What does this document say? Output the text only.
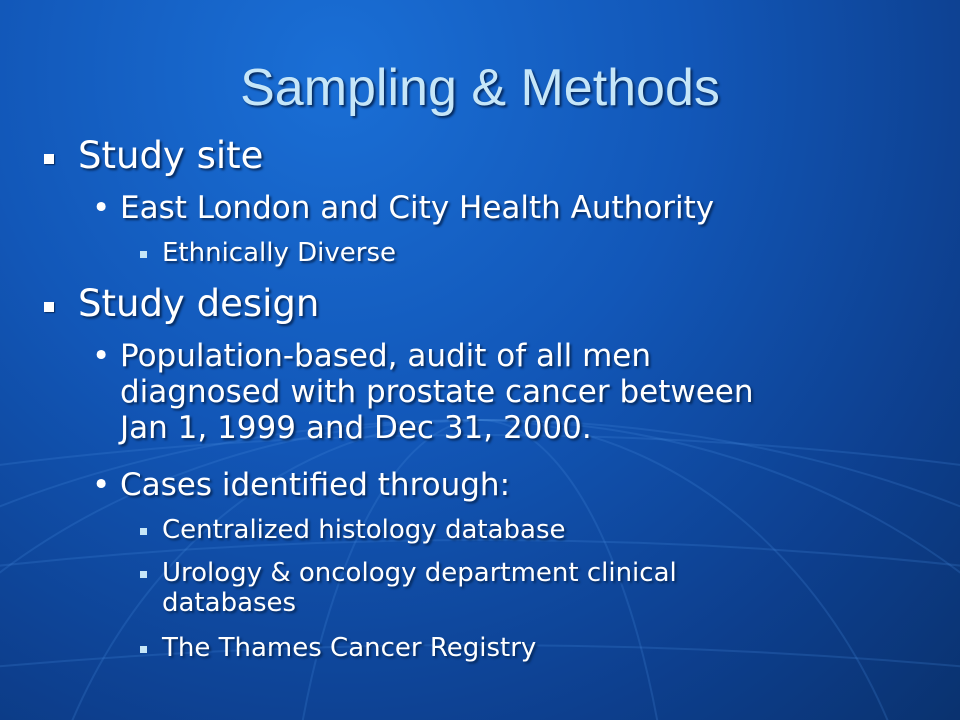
Sampling & Methods
Study site
• East London and City Health Authority
Ethnically Diverse
Study design
• Population-based, audit of all men
diagnosed with prostate cancer between
Jan 1, 1999 and Dec 31, 2000.
• Cases identified through:
Centralized histology database
Urology & oncology department clinical
databases
The Thames Cancer Registry
